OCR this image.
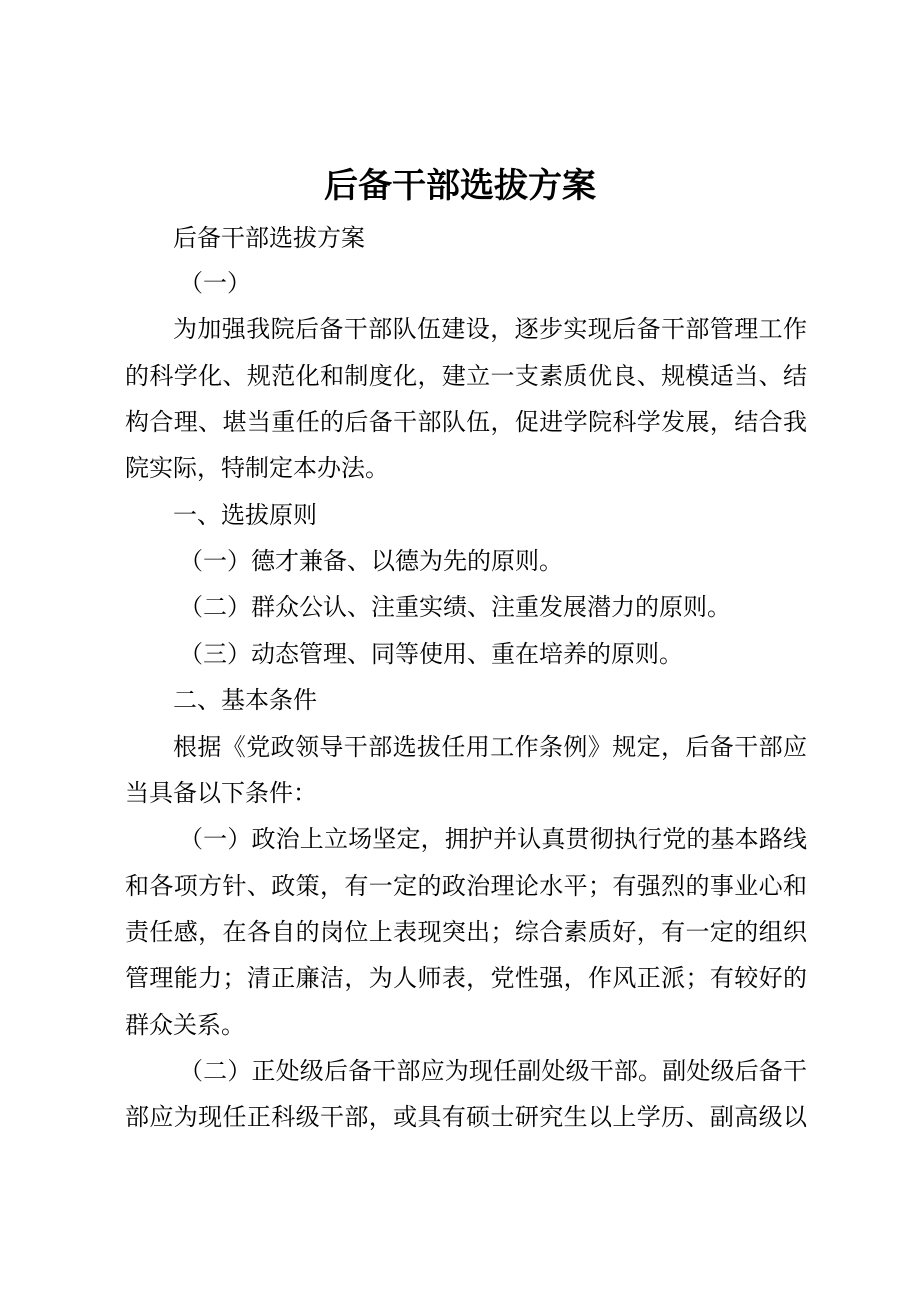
后备干部选拔方案

后备干部选拔方案

（一）

为加强我院后备干部队伍建设，逐步实现后备干部管理工作

的科学化、规范化和制度化，建立一支素质优良、规模适当、结

构合理、堪当重任的后备干部队伍，促进学院科学发展，结合我

院实际，特制定本办法。

一、选拔原则

（一）德才兼备、以德为先的原则。

（二）群众公认、注重实绩、注重发展潜力的原则。

（三）动态管理、同等使用、重在培养的原则。

二、基本条件

根据《党政领导干部选拔任用工作条例》规定，后备干部应

当具备以下条件：

（一）政治上立场坚定，拥护并认真贯彻执行党的基本路线

和各项方针、政策，有一定的政治理论水平；有强烈的事业心和

责任感，在各自的岗位上表现突出；综合素质好，有一定的组织

管理能力；清正廉洁，为人师表，党性强，作风正派；有较好的

群众关系。

（二）正处级后备干部应为现任副处级干部。副处级后备干

部应为现任正科级干部，或具有硕士研究生以上学历、副高级以
